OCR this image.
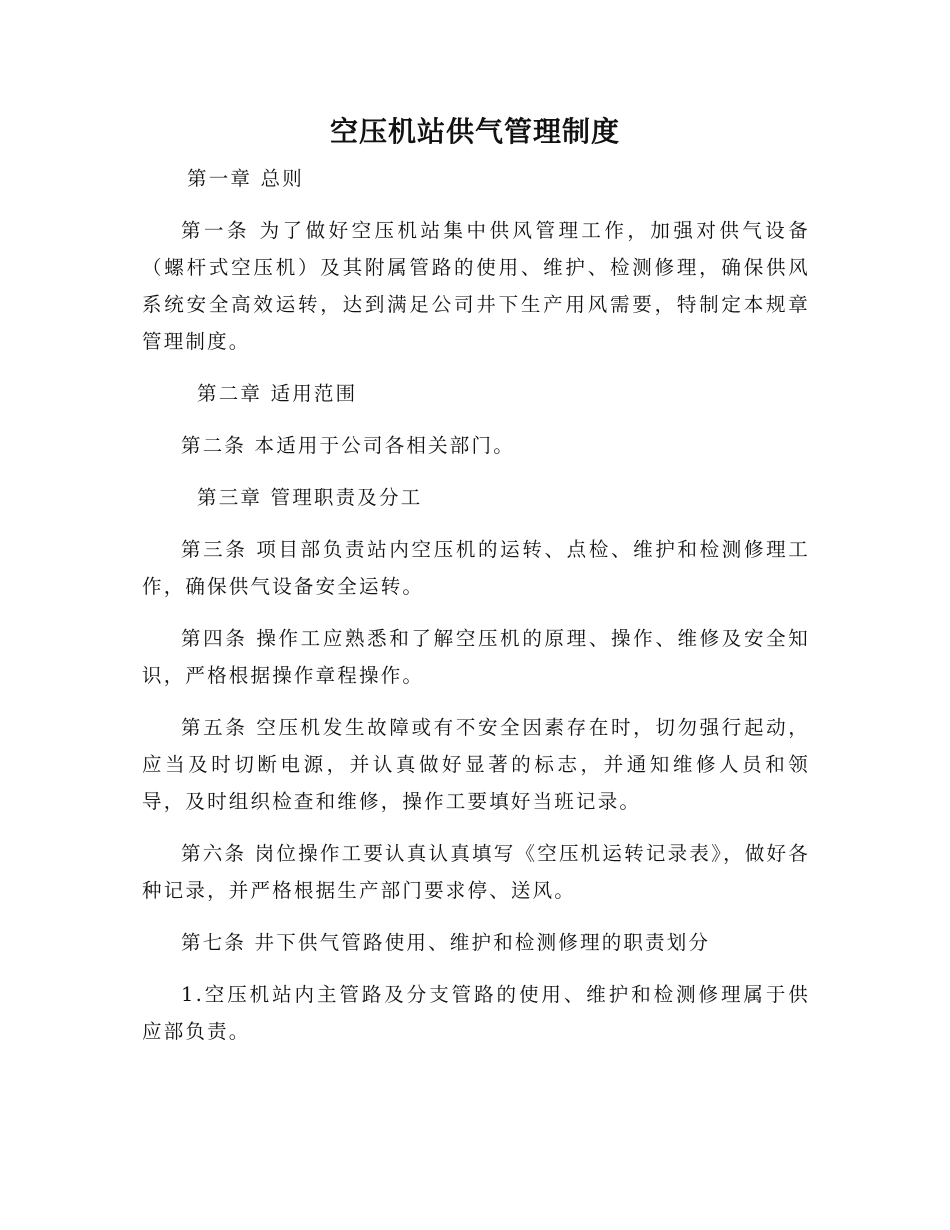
空压机站供气管理制度
第一章 总则

第一条 为了做好空压机站集中供风管理工作，加强对供气设备（螺杆式空压机）及其附属管路的使用、维护、检测修理，确保供风系统安全高效运转，达到满足公司井下生产用风需要，特制定本规章管理制度。

第二章 适用范围

第二条 本适用于公司各相关部门。

第三章 管理职责及分工

第三条 项目部负责站内空压机的运转、点检、维护和检测修理工作，确保供气设备安全运转。

第四条 操作工应熟悉和了解空压机的原理、操作、维修及安全知识，严格根据操作章程操作。

第五条 空压机发生故障或有不安全因素存在时，切勿强行起动，应当及时切断电源，并认真做好显著的标志，并通知维修人员和领导，及时组织检查和维修，操作工要填好当班记录。

第六条 岗位操作工要认真认真填写《空压机运转记录表》，做好各种记录，并严格根据生产部门要求停、送风。

第七条 井下供气管路使用、维护和检测修理的职责划分

1.空压机站内主管路及分支管路的使用、维护和检测修理属于供应部负责。
